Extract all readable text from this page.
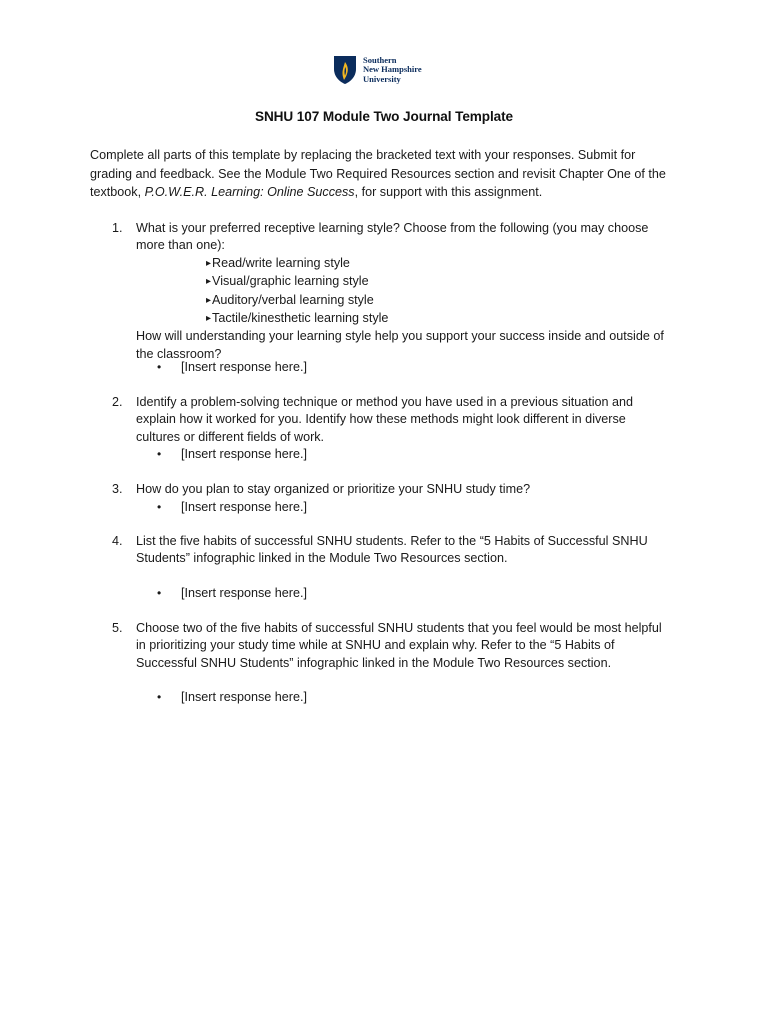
Southern
New Hampshire
University
SNHU 107 Module Two Journal Template
Complete all parts of this template by replacing the bracketed text with your responses. Submit for
grading and feedback. See the Module Two Required Resources section and revisit Chapter One of the
textbook, P.O.W.E.R. Learning: Online Success, for support with this assignment.
1.	What is your preferred receptive learning style? Choose from the following (you may choose
more than one):
▸ Read/write learning style
▸ Visual/graphic learning style
▸ Auditory/verbal learning style
▸ Tactile/kinesthetic learning style
How will understanding your learning style help you support your success inside and outside of
the classroom?
• [Insert response here.]
2.	Identify a problem-solving technique or method you have used in a previous situation and
explain how it worked for you. Identify how these methods might look different in diverse
cultures or different fields of work.
• [Insert response here.]
3.	How do you plan to stay organized or prioritize your SNHU study time?
• [Insert response here.]
4.	List the five habits of successful SNHU students. Refer to the “5 Habits of Successful SNHU
Students” infographic linked in the Module Two Resources section.
• [Insert response here.]
5.	Choose two of the five habits of successful SNHU students that you feel would be most helpful
in prioritizing your study time while at SNHU and explain why. Refer to the “5 Habits of
Successful SNHU Students” infographic linked in the Module Two Resources section.
• [Insert response here.]
